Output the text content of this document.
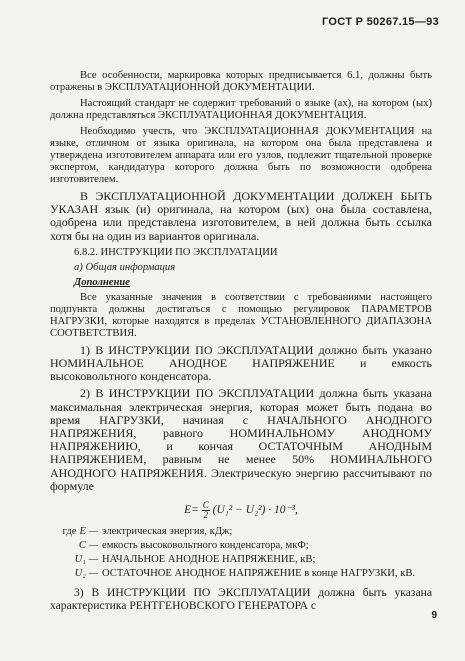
ГОСТ Р 50267.15—93

Все особенности, маркировка которых предписывается 6.1, должны быть отражены в ЭКСПЛУАТАЦИОННОЙ ДОКУМЕНТАЦИИ.

Настоящий стандарт не содержит требований о языке (ах), на котором (ых) должна представляться ЭКСПЛУАТАЦИОННАЯ ДОКУМЕНТАЦИЯ.

Необходимо учесть, что ЭКСПЛУАТАЦИОННАЯ ДОКУМЕНТАЦИЯ на языке, отличном от языка оригинала, на котором она была представлена и утверждена изготовителем аппарата или его узлов, подлежит тщательной проверке экспертом, кандидатура которого должна быть по возможности одобрена изготовителем.

В ЭКСПЛУАТАЦИОННОЙ ДОКУМЕНТАЦИИ ДОЛЖЕН БЫТЬ УКАЗАН язык (и) оригинала, на котором (ых) она была составлена, одобрена или представлена изготовителем, в ней должна быть ссылка хотя бы на один из вариантов оригинала.

6.8.2. ИНСТРУКЦИИ ПО ЭКСПЛУАТАЦИИ
а) Общая информация
Дополнение

Все указанные значения в соответствии с требованиями настоящего подпункта должны достигаться с помощью регулировок ПАРАМЕТРОВ НАГРУЗКИ, которые находятся в пределах УСТАНОВЛЕННОГО ДИАПАЗОНА СООТВЕТСТВИЯ.

1) В ИНСТРУКЦИИ ПО ЭКСПЛУАТАЦИИ должно быть указано НОМИНАЛЬНОЕ АНОДНОЕ НАПРЯЖЕНИЕ и емкость высоковольтного конденсатора.

2) В ИНСТРУКЦИИ ПО ЭКСПЛУАТАЦИИ должна быть указана максимальная электрическая энергия, которая может быть подана во время НАГРУЗКИ, начиная с НАЧАЛЬНОГО АНОДНОГО НАПРЯЖЕНИЯ, равного НОМИНАЛЬНОМУ АНОДНОМУ НАПРЯЖЕНИЮ, и кончая ОСТАТОЧНЫМ АНОДНЫМ НАПРЯЖЕНИЕМ, равным не менее 50% НОМИНАЛЬНОГО АНОДНОГО НАПРЯЖЕНИЯ. Электрическую энергию рассчитывают по формуле

$E= \frac{C}{2} (U_1^2 - U_2^2) \cdot 10^{-3}$,
где E — электрическая энергия, кДж;
C — емкость высоковольтного конденсатора, мкФ;
U₁ — НАЧАЛЬНОЕ АНОДНОЕ НАПРЯЖЕНИЕ, кВ;
U₂ — ОСТАТОЧНОЕ АНОДНОЕ НАПРЯЖЕНИЕ в конце НАГРУЗКИ, кВ.
3) В ИНСТРУКЦИИ ПО ЭКСПЛУАТАЦИИ должна быть указана характеристика РЕНТГЕНОВСКОГО ГЕНЕРАТОРА с
9
